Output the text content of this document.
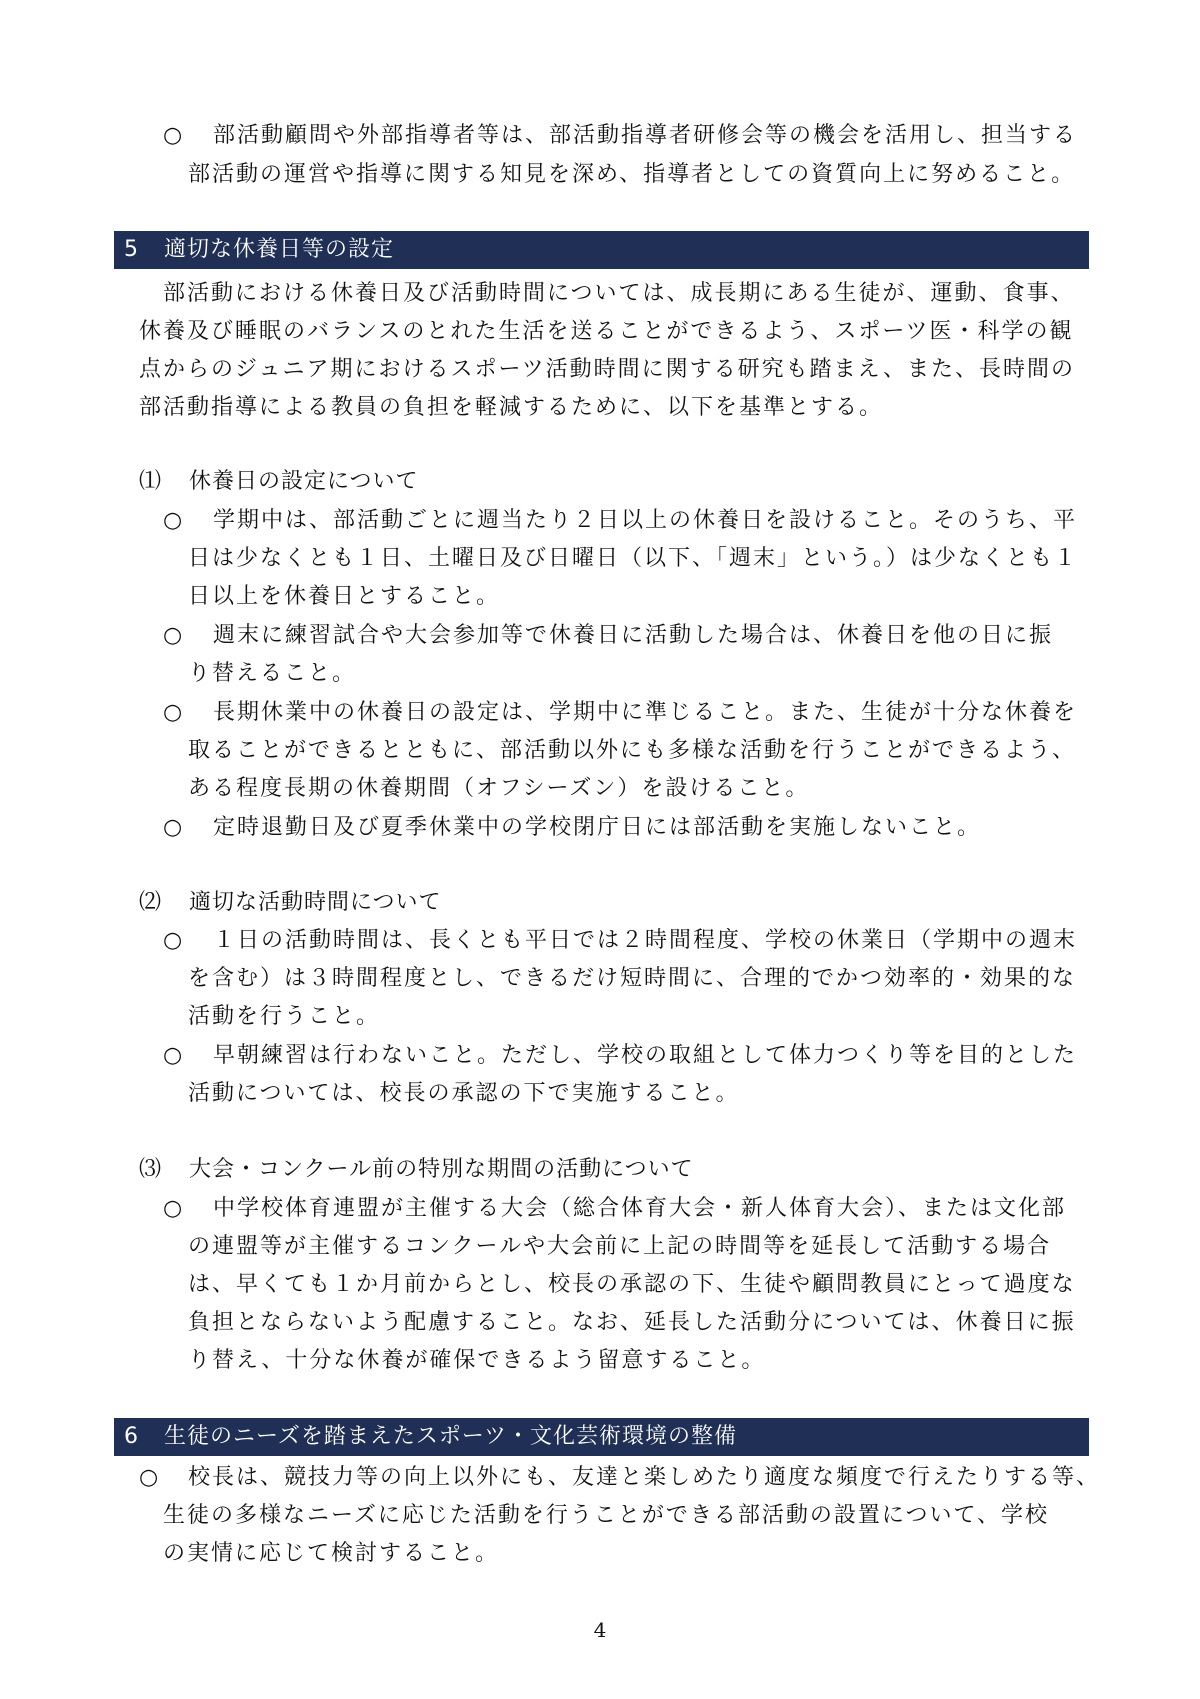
○ 部活動顧問や外部指導者等は、部活動指導者研修会等の機会を活用し、担当する
部活動の運営や指導に関する知見を深め、指導者としての資質向上に努めること。
5 適切な休養日等の設定
部活動における休養日及び活動時間については、成長期にある生徒が、運動、食事、
休養及び睡眠のバランスのとれた生活を送ることができるよう、スポーツ医・科学の観
点からのジュニア期におけるスポーツ活動時間に関する研究も踏まえ、また、長時間の
部活動指導による教員の負担を軽減するために、以下を基準とする。
⑴ 休養日の設定について
○ 学期中は、部活動ごとに週当たり２日以上の休養日を設けること。そのうち、平
日は少なくとも１日、土曜日及び日曜日（以下、「週末」という。）は少なくとも１
日以上を休養日とすること。
○ 週末に練習試合や大会参加等で休養日に活動した場合は、休養日を他の日に振
り替えること。
○ 長期休業中の休養日の設定は、学期中に準じること。また、生徒が十分な休養を
取ることができるとともに、部活動以外にも多様な活動を行うことができるよう、
ある程度長期の休養期間（オフシーズン）を設けること。
○ 定時退勤日及び夏季休業中の学校閉庁日には部活動を実施しないこと。
⑵ 適切な活動時間について
○ １日の活動時間は、長くとも平日では２時間程度、学校の休業日（学期中の週末
を含む）は３時間程度とし、できるだけ短時間に、合理的でかつ効率的・効果的な
活動を行うこと。
○ 早朝練習は行わないこと。ただし、学校の取組として体力つくり等を目的とした
活動については、校長の承認の下で実施すること。
⑶ 大会・コンクール前の特別な期間の活動について
○ 中学校体育連盟が主催する大会（総合体育大会・新人体育大会）、または文化部
の連盟等が主催するコンクールや大会前に上記の時間等を延長して活動する場合
は、早くても１か月前からとし、校長の承認の下、生徒や顧問教員にとって過度な
負担とならないよう配慮すること。なお、延長した活動分については、休養日に振
り替え、十分な休養が確保できるよう留意すること。
6 生徒のニーズを踏まえたスポーツ・文化芸術環境の整備
○ 校長は、競技力等の向上以外にも、友達と楽しめたり適度な頻度で行えたりする等、
生徒の多様なニーズに応じた活動を行うことができる部活動の設置について、学校
の実情に応じて検討すること。
4
